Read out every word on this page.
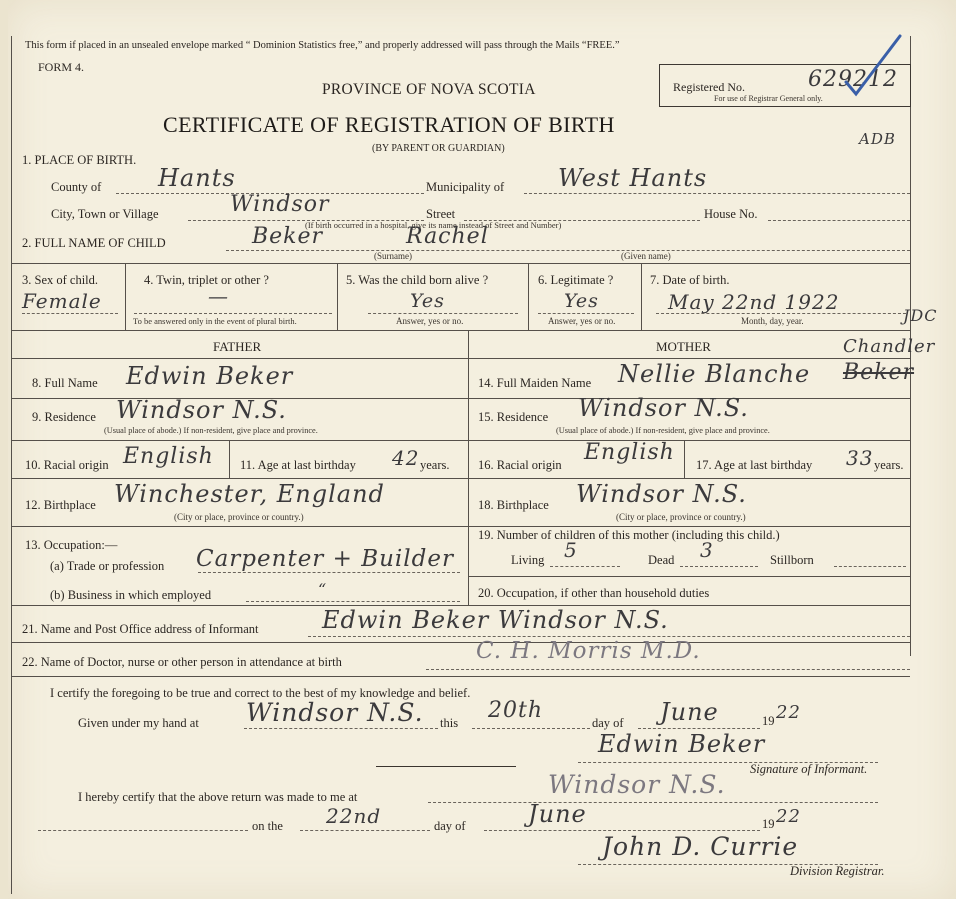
This form if placed in an unsealed envelope marked “ Dominion Statistics free,” and properly addressed will pass through the Mails “FREE.”
FORM 4.
PROVINCE OF NOVA SCOTIA
CERTIFICATE OF REGISTRATION OF BIRTH
(BY PARENT OR GUARDIAN)
Registered No.	629212
For use of Registrar General only.
ADB
1. PLACE OF BIRTH.
County of Hants	Municipality of West Hants
City, Town or Village	Windsor	Street	House No.
(If birth occurred in a hospital, give its name instead of Street and Number)
2. FULL NAME OF CHILD	Beker	Rachel
(Surname)	(Given name)
3. Sex of child.
Female
4. Twin, triplet or other ?
—
To be answered only in the event of plural birth.
5. Was the child born alive ?
Yes
Answer, yes or no.
6. Legitimate ?
Yes
Answer, yes or no.
7. Date of birth.
May 22nd 1922
Month, day, year.	JDC
FATHER	MOTHER
8. Full Name Edwin Beker
9. Residence Windsor N.S.
(Usual place of abode.) If non-resident, give place and province.
10. Racial origin English 11. Age at last birthday 42 years.
12. Birthplace Winchester, England
(City or place, province or country.)
13. Occupation:—
(a) Trade or profession Carpenter + Builder
(b) Business in which employed	“
14. Full Maiden Name Nellie Blanche Beker
Chandler
15. Residence Windsor N.S.
(Usual place of abode.) If non-resident, give place and province.
16. Racial origin English 17. Age at last birthday 33 years.
18. Birthplace Windsor N.S.
(City or place, province or country.)
19. Number of children of this mother (including this child.)
Living 5	Dead 3	Stillborn
20. Occupation, if other than household duties
21. Name and Post Office address of Informant	Edwin Beker Windsor N.S.
22. Name of Doctor, nurse or other person in attendance at birth	C. H. Morris M.D.
I certify the foregoing to be true and correct to the best of my knowledge and belief.
Given under my hand at Windsor N.S. this 20th	day of June	19 22
Edwin Beker
Signature of Informant.
I hereby certify that the above return was made to me at	Windsor N.S.
on the 22nd	day of	June	19 22
John D. Currie
Division Registrar.
